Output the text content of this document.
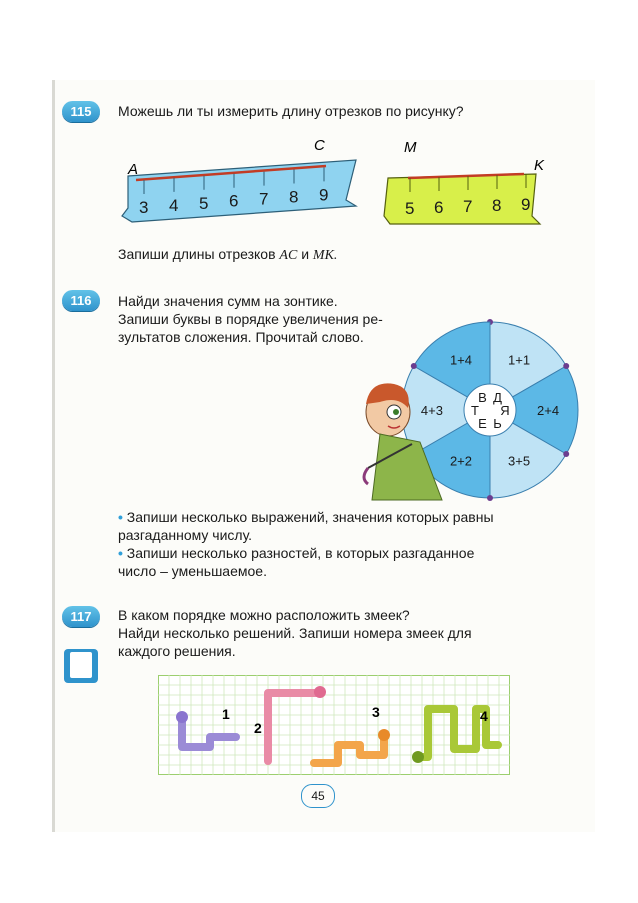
115	Можешь ли ты измерить длину отрезков по рисунку?
3 4 5 6 7 8 9
A
C
5 6 7 8 9
M
K
Запиши длины отрезков AC и MK.
116	Найди значения сумм на зонтике.
Запиши буквы в порядке увеличения ре-
зультатов сложения. Прочитай слово.
1+1
2+4
3+5
2+2
4+3
1+4
Д
Я
Ь
Е
Т
В
• Запиши несколько выражений, значения которых равны
разгаданному числу.
• Запиши несколько разностей, в которых разгаданное
число – уменьшаемое.
117	В каком порядке можно расположить змеек?
Найди несколько решений. Запиши номера змеек для
каждого решения.
1
2
3	4
45
